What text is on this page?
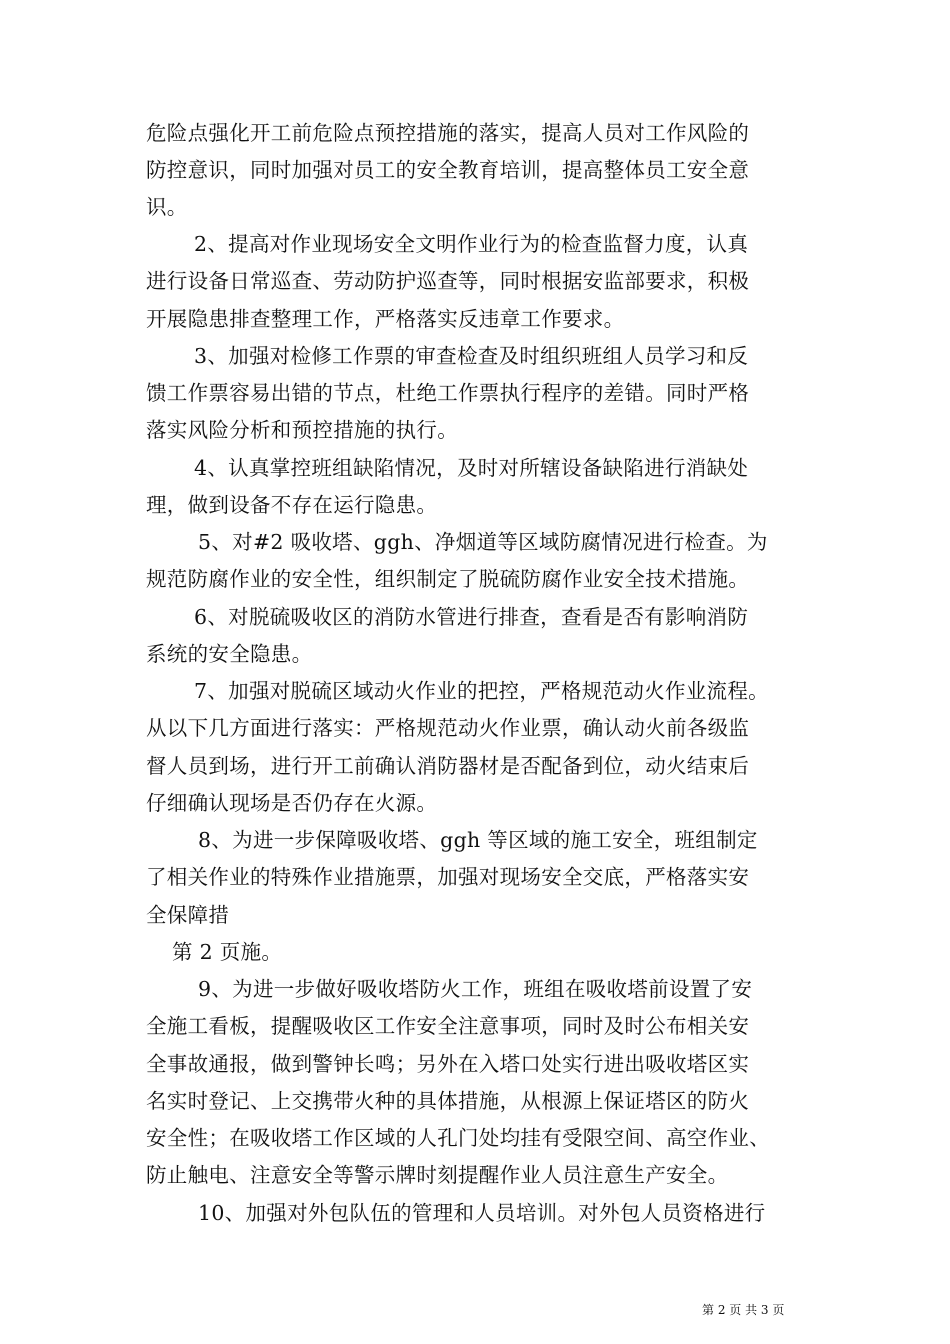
危险点强化开工前危险点预控措施的落实，提高人员对工作风险的
防控意识，同时加强对员工的安全教育培训，提高整体员工安全意
识。
2、提高对作业现场安全文明作业行为的检查监督力度，认真
进行设备日常巡查、劳动防护巡查等，同时根据安监部要求，积极
开展隐患排查整理工作，严格落实反违章工作要求。
3、加强对检修工作票的审查检查及时组织班组人员学习和反
馈工作票容易出错的节点，杜绝工作票执行程序的差错。同时严格
落实风险分析和预控措施的执行。
4、认真掌控班组缺陷情况，及时对所辖设备缺陷进行消缺处
理，做到设备不存在运行隐患。
5、对#2 吸收塔、ggh、净烟道等区域防腐情况进行检查。为
规范防腐作业的安全性，组织制定了脱硫防腐作业安全技术措施。
6、对脱硫吸收区的消防水管进行排查，查看是否有影响消防
系统的安全隐患。
7、加强对脱硫区域动火作业的把控，严格规范动火作业流程。
从以下几方面进行落实：严格规范动火作业票，确认动火前各级监
督人员到场，进行开工前确认消防器材是否配备到位，动火结束后
仔细确认现场是否仍存在火源。
8、为进一步保障吸收塔、ggh 等区域的施工安全，班组制定
了相关作业的特殊作业措施票，加强对现场安全交底，严格落实安
全保障措
第 2 页施。
9、为进一步做好吸收塔防火工作，班组在吸收塔前设置了安
全施工看板，提醒吸收区工作安全注意事项，同时及时公布相关安
全事故通报，做到警钟长鸣；另外在入塔口处实行进出吸收塔区实
名实时登记、上交携带火种的具体措施，从根源上保证塔区的防火
安全性；在吸收塔工作区域的人孔门处均挂有受限空间、高空作业、
防止触电、注意安全等警示牌时刻提醒作业人员注意生产安全。
10、加强对外包队伍的管理和人员培训。对外包人员资格进行
第 2 页 共 3 页
